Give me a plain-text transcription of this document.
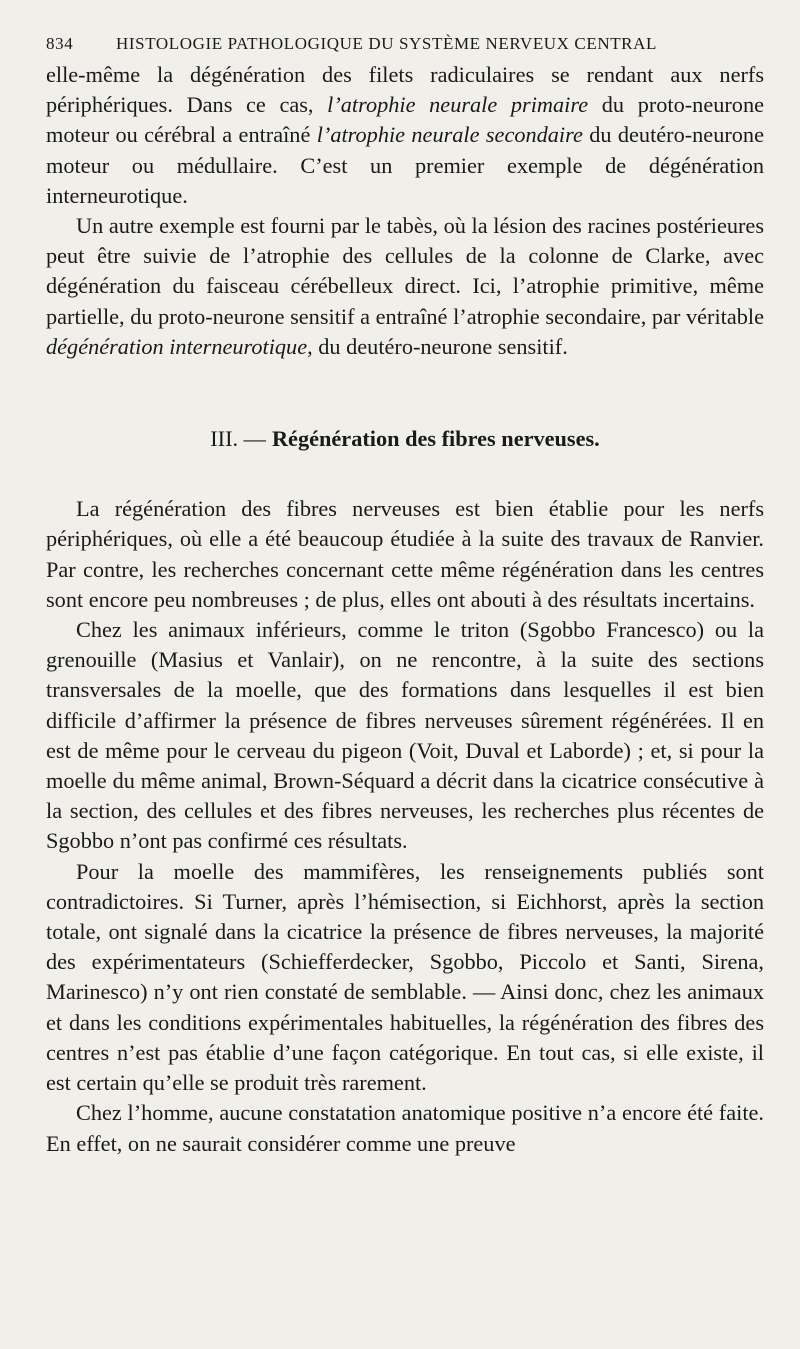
834	HISTOLOGIE PATHOLOGIQUE DU SYSTÈME NERVEUX CENTRAL

elle-même la dégénération des filets radiculaires se rendant aux nerfs périphériques. Dans ce cas, l’atrophie neurale primaire du proto-neurone moteur ou cérébral a entraîné l’atrophie neurale secondaire du deutéro-neurone moteur ou médullaire. C’est un premier exemple de dégénération interneurotique.

Un autre exemple est fourni par le tabès, où la lésion des racines postérieures peut être suivie de l’atrophie des cellules de la colonne de Clarke, avec dégénération du faisceau cérébelleux direct. Ici, l’atrophie primitive, même partielle, du proto-neurone sensitif a entraîné l’atrophie secondaire, par véritable dégénération interneurotique, du deutéro-neurone sensitif.

III. — Régénération des fibres nerveuses.

La régénération des fibres nerveuses est bien établie pour les nerfs périphériques, où elle a été beaucoup étudiée à la suite des travaux de Ranvier. Par contre, les recherches concernant cette même régénération dans les centres sont encore peu nombreuses ; de plus, elles ont abouti à des résultats incertains.

Chez les animaux inférieurs, comme le triton (Sgobbo Francesco) ou la grenouille (Masius et Vanlair), on ne rencontre, à la suite des sections transversales de la moelle, que des formations dans lesquelles il est bien difficile d’affirmer la présence de fibres nerveuses sûrement régénérées. Il en est de même pour le cerveau du pigeon (Voit, Duval et Laborde) ; et, si pour la moelle du même animal, Brown-Séquard a décrit dans la cicatrice consécutive à la section, des cellules et des fibres nerveuses, les recherches plus récentes de Sgobbo n’ont pas confirmé ces résultats.

Pour la moelle des mammifères, les renseignements publiés sont contradictoires. Si Turner, après l’hémisection, si Eichhorst, après la section totale, ont signalé dans la cicatrice la présence de fibres nerveuses, la majorité des expérimentateurs (Schiefferdecker, Sgobbo, Piccolo et Santi, Sirena, Marinesco) n’y ont rien constaté de semblable. — Ainsi donc, chez les animaux et dans les conditions expérimentales habituelles, la régénération des fibres des centres n’est pas établie d’une façon catégorique. En tout cas, si elle existe, il est certain qu’elle se produit très rarement.

Chez l’homme, aucune constatation anatomique positive n’a encore été faite. En effet, on ne saurait considérer comme une preuve
